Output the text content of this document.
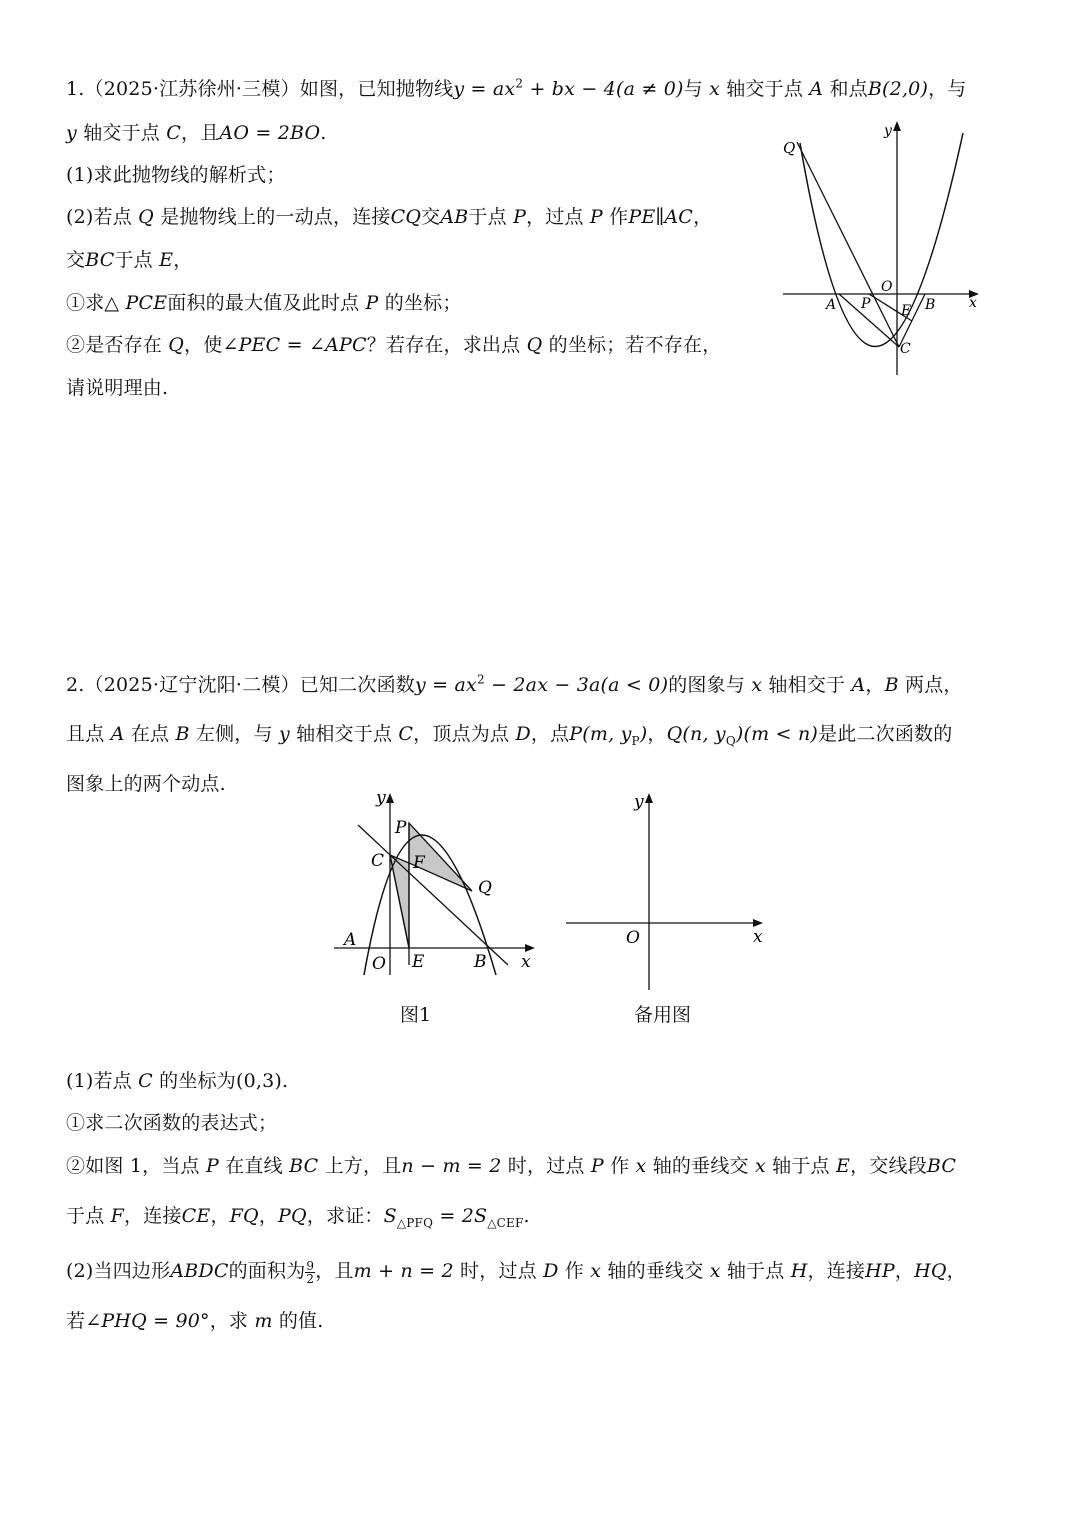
1.（2025·江苏徐州·三模）如图，已知抛物线$y = ax^2$ + bx − 4(a ≠ 0)与 x 轴交于点 A 和点B(2,0)，与
y 轴交于点 C，且AO = 2BO.
(1)求此抛物线的解析式；
(2)若点 Q 是抛物线上的一动点，连接CQ交AB于点 P，过点 P 作PE∥AC，
交BC于点 E，
①求△ PCE面积的最大值及此时点 P 的坐标；
②是否存在 Q，使∠PEC = ∠APC？若存在，求出点 Q 的坐标；若不存在，
请说明理由.
Q
y
O
A P E B x
C
2.（2025·辽宁沈阳·二模）已知二次函数$y = ax^2 - 2ax - 3a(a < 0)$的图象与 x 轴相交于 A，B 两点，
且点 A 在点 B 左侧，与 y 轴相交于点 C，顶点为点 D，点P(m, $y_P$)，Q(n, $y_Q)(m < n)$是此二次函数的
图象上的两个动点.
y
P
C F
Q
A
O E	B x
图1
y
O	x
备用图
(1)若点 C 的坐标为(0,3).
①求二次函数的表达式；
②如图 1，当点 P 在直线 BC 上方，且n − m = 2 时，过点 P 作 x 轴的垂线交 x 轴于点 E，交线段BC
于点 F，连接CE，FQ，PQ，求证：$S_{\triangle PFQ} = 2S_{\triangle CEF}$.
(2)当四边形ABDC的面积为 $\frac{9}{2}$ ，且m + n = 2 时，过点 D 作 x 轴的垂线交 x 轴于点 H，连接HP，HQ，
若∠PHQ = 90°，求 m 的值.
